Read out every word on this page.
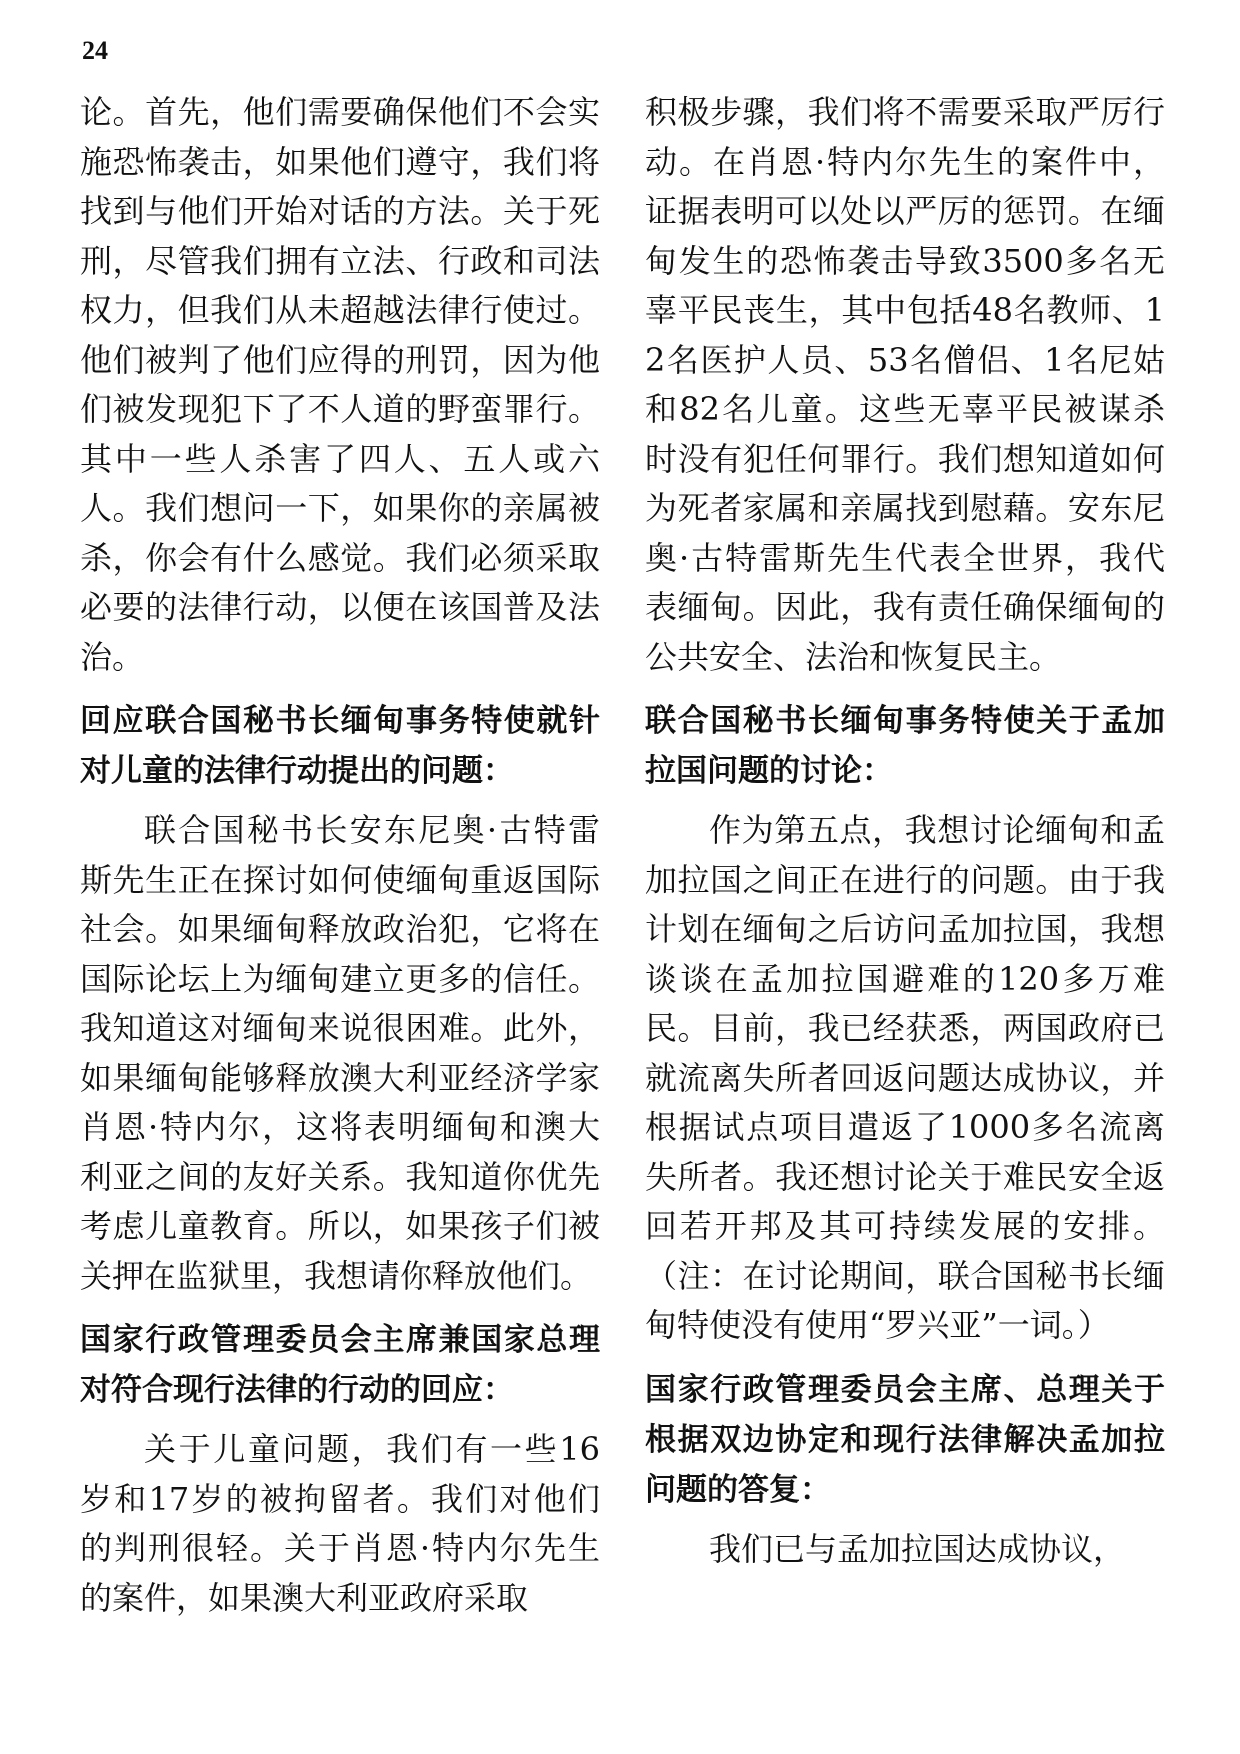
24

论。首先，他们需要确保他们不会实施恐怖袭击，如果他们遵守，我们将找到与他们开始对话的方法。关于死刑，尽管我们拥有立法、行政和司法权力，但我们从未超越法律行使过。他们被判了他们应得的刑罚，因为他们被发现犯下了不人道的野蛮罪行。其中一些人杀害了四人、五人或六人。我们想问一下，如果你的亲属被杀，你会有什么感觉。我们必须采取必要的法律行动，以便在该国普及法治。

回应联合国秘书长缅甸事务特使就针对儿童的法律行动提出的问题：

联合国秘书长安东尼奥·古特雷斯先生正在探讨如何使缅甸重返国际社会。如果缅甸释放政治犯，它将在国际论坛上为缅甸建立更多的信任。我知道这对缅甸来说很困难。此外，如果缅甸能够释放澳大利亚经济学家肖恩·特内尔，这将表明缅甸和澳大利亚之间的友好关系。我知道你优先考虑儿童教育。所以，如果孩子们被关押在监狱里，我想请你释放他们。

国家行政管理委员会主席兼国家总理对符合现行法律的行动的回应：

关于儿童问题，我们有一些16岁和17岁的被拘留者。我们对他们的判刑很轻。关于肖恩·特内尔先生的案件，如果澳大利亚政府采取

积极步骤，我们将不需要采取严厉行动。在肖恩·特内尔先生的案件中，证据表明可以处以严厉的惩罚。在缅甸发生的恐怖袭击导致3500多名无辜平民丧生，其中包括48名教师、12名医护人员、53名僧侣、1名尼姑和82名儿童。这些无辜平民被谋杀时没有犯任何罪行。我们想知道如何为死者家属和亲属找到慰藉。安东尼奥·古特雷斯先生代表全世界，我代表缅甸。因此，我有责任确保缅甸的公共安全、法治和恢复民主。

联合国秘书长缅甸事务特使关于孟加拉国问题的讨论：

作为第五点，我想讨论缅甸和孟加拉国之间正在进行的问题。由于我计划在缅甸之后访问孟加拉国，我想谈谈在孟加拉国避难的120多万难民。目前，我已经获悉，两国政府已就流离失所者回返问题达成协议，并根据试点项目遣返了1000多名流离失所者。我还想讨论关于难民安全返回若开邦及其可持续发展的安排。（注：在讨论期间，联合国秘书长缅甸特使没有使用“罗兴亚”一词。）

国家行政管理委员会主席、总理关于根据双边协定和现行法律解决孟加拉问题的答复：

我们已与孟加拉国达成协议，
